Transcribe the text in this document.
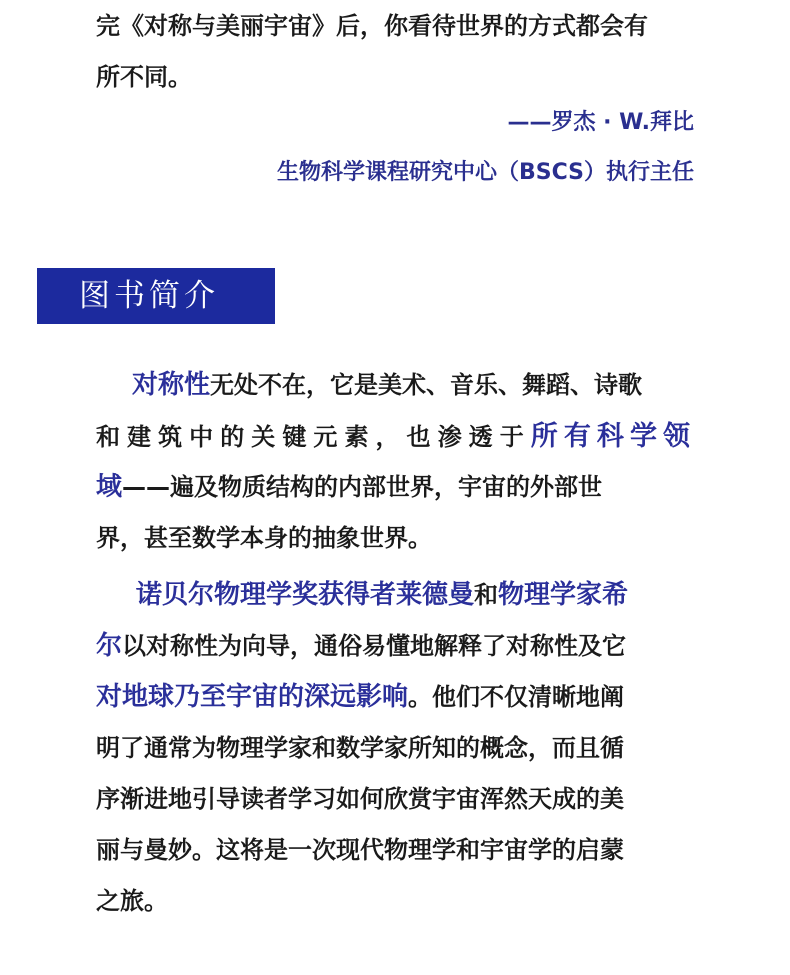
完《对称与美丽宇宙》后，你看待世界的方式都会有
所不同。
——罗杰 · W.拜比
生物科学课程研究中心（BSCS）执行主任
图书简介
对称性无处不在，它是美术、音乐、舞蹈、诗歌
和建筑中的关键元素，也渗透于所有科学领
域——遍及物质结构的内部世界，宇宙的外部世
界，甚至数学本身的抽象世界。
诺贝尔物理学奖获得者莱德曼和物理学家希
尔以对称性为向导，通俗易懂地解释了对称性及它
对地球乃至宇宙的深远影响。他们不仅清晰地阐
明了通常为物理学家和数学家所知的概念，而且循
序渐进地引导读者学习如何欣赏宇宙浑然天成的美
丽与曼妙。这将是一次现代物理学和宇宙学的启蒙
之旅。
